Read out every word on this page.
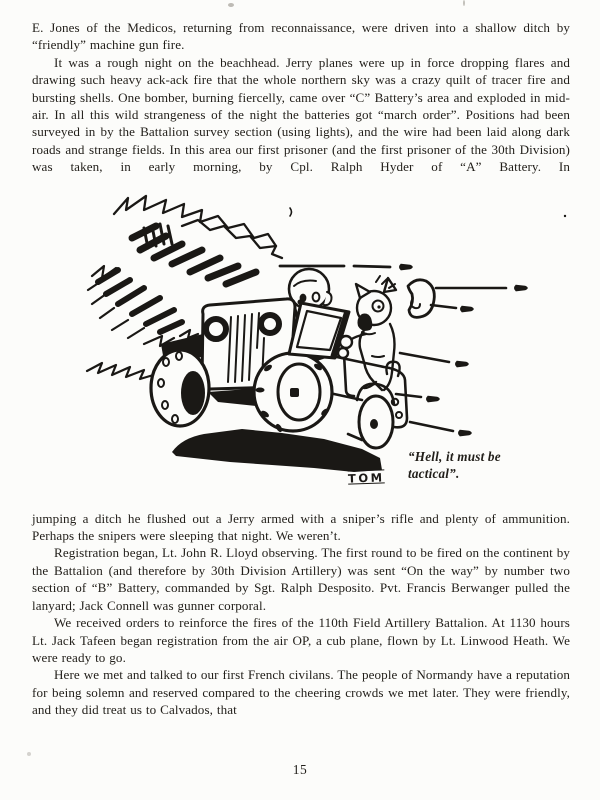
E. Jones of the Medicos, returning from reconnaissance, were driven into a shallow ditch by “friendly” machine gun fire.

It was a rough night on the beachhead. Jerry planes were up in force dropping flares and drawing such heavy ack-ack fire that the whole northern sky was a crazy quilt of tracer fire and bursting shells. One bomber, burning fiercelly, came over “C” Battery’s area and exploded in mid-air. In all this wild strangeness of the night the batteries got “march order”. Positions had been surveyed in by the Battalion survey section (using lights), and the wire had been laid along dark roads and strange fields. In this area our first prisoner (and the first prisoner of the 30th Division) was taken, in early morning, by Cpl. Ralph Hyder of “A” Battery. In

“Hell, it must be
tactical”.
TOM

jumping a ditch he flushed out a Jerry armed with a sniper’s rifle and plenty of ammunition. Perhaps the snipers were sleeping that night. We weren’t.

Registration began, Lt. John R. Lloyd observing. The first round to be fired on the continent by the Battalion (and therefore by 30th Division Artillery) was sent “On the way” by number two section of “B” Battery, commanded by Sgt. Ralph Desposito. Pvt. Francis Berwanger pulled the lanyard; Jack Connell was gunner corporal.

We received orders to reinforce the fires of the 110th Field Artillery Battalion. At 1130 hours Lt. Jack Tafeen began registration from the air OP, a cub plane, flown by Lt. Linwood Heath. We were ready to go.

Here we met and talked to our first French civilans. The people of Normandy have a reputation for being solemn and reserved compared to the cheering crowds we met later. They were friendly, and they did treat us to Calvados, that

15
